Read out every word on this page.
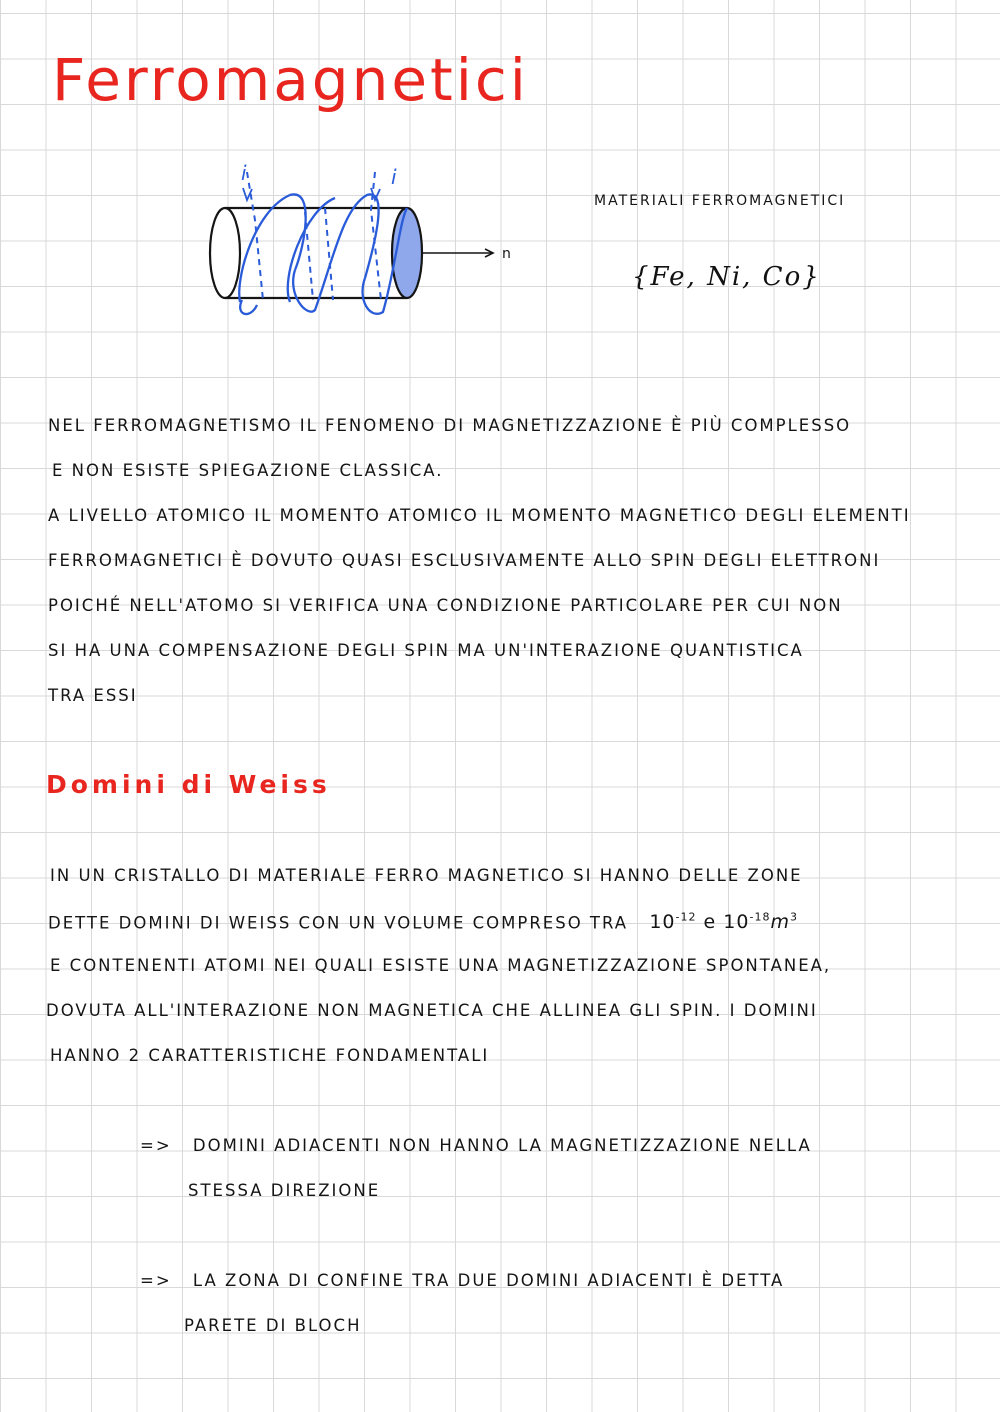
Ferromagnetici
n
i	i
MATERIALI FERROMAGNETICI
{Fe, Ni, Co}
NEL FERROMAGNETISMO IL FENOMENO DI MAGNETIZZAZIONE È PIÙ COMPLESSO
E NON ESISTE SPIEGAZIONE CLASSICA.
A LIVELLO ATOMICO IL MOMENTO ATOMICO IL MOMENTO MAGNETICO DEGLI ELEMENTI
FERROMAGNETICI È DOVUTO QUASI ESCLUSIVAMENTE ALLO SPIN DEGLI ELETTRONI
POICHÉ NELL'ATOMO SI VERIFICA UNA CONDIZIONE PARTICOLARE PER CUI NON
SI HA UNA COMPENSAZIONE DEGLI SPIN MA UN'INTERAZIONE QUANTISTICA
TRA ESSI
Domini di Weiss
IN UN CRISTALLO DI MATERIALE FERRO MAGNETICO SI HANNO DELLE ZONE
DETTE DOMINI DI WEISS CON UN VOLUME COMPRESO TRA $10^{-12}$ e $10^{-18}m^3$
E CONTENENTI ATOMI NEI QUALI ESISTE UNA MAGNETIZZAZIONE SPONTANEA,
DOVUTA ALL'INTERAZIONE NON MAGNETICA CHE ALLINEA GLI SPIN. I DOMINI
HANNO 2 CARATTERISTICHE FONDAMENTALI
=> DOMINI ADIACENTI NON HANNO LA MAGNETIZZAZIONE NELLA
STESSA DIREZIONE
=> LA ZONA DI CONFINE TRA DUE DOMINI ADIACENTI È DETTA
PARETE DI BLOCH
